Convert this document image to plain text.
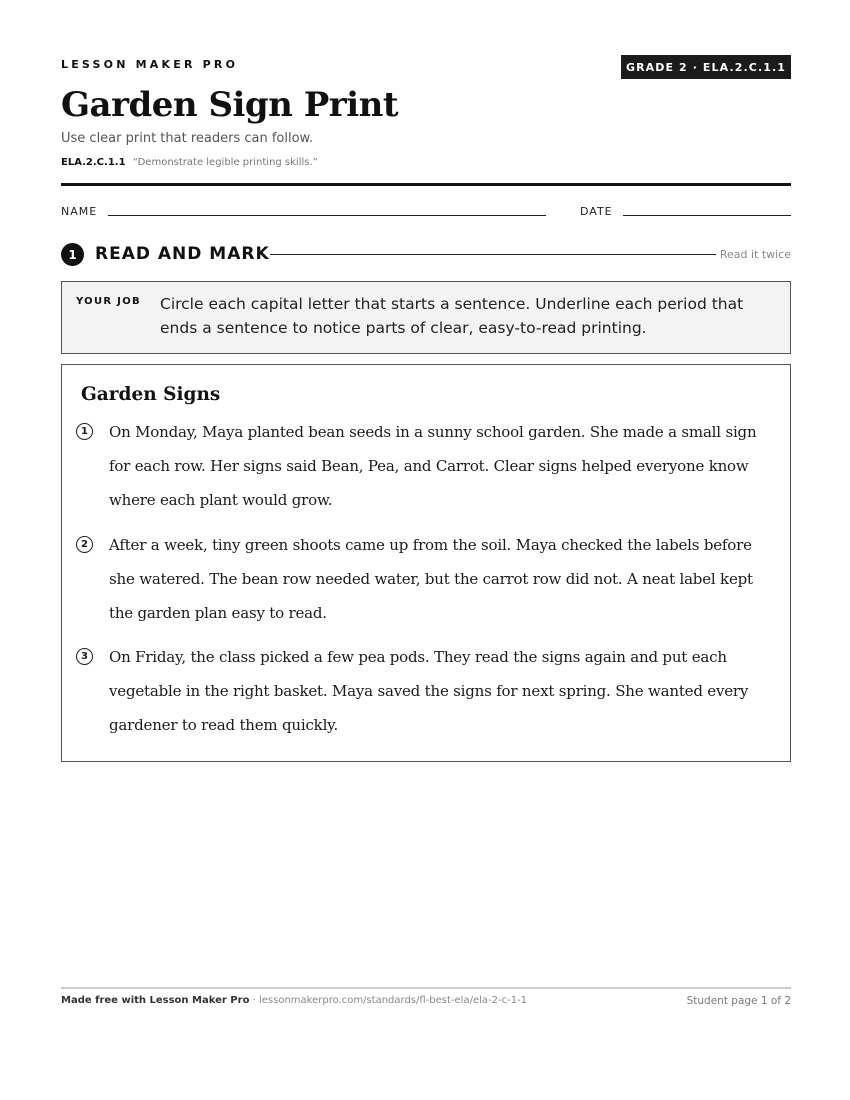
LESSON MAKER PRO	GRADE 2 · ELA.2.C.1.1
Garden Sign Print
Use clear print that readers can follow.
ELA.2.C.1.1 “Demonstrate legible printing skills.”
NAME	DATE
1	READ AND MARK	Read it twice
YOUR JOB Circle each capital letter that starts a sentence. Underline each period that ends a sentence to notice parts of clear, easy-to-read printing.
Garden Signs
1	On Monday, Maya planted bean seeds in a sunny school garden. She made a small sign for each row. Her signs said Bean, Pea, and Carrot. Clear signs helped everyone know where each plant would grow.
2	After a week, tiny green shoots came up from the soil. Maya checked the labels before she watered. The bean row needed water, but the carrot row did not. A neat label kept the garden plan easy to read.
3	On Friday, the class picked a few pea pods. They read the signs again and put each vegetable in the right basket. Maya saved the signs for next spring. She wanted every gardener to read them quickly.
Made free with Lesson Maker Pro · lessonmakerpro.com/standards/fl-best-ela/ela-2-c-1-1	Student page 1 of 2
